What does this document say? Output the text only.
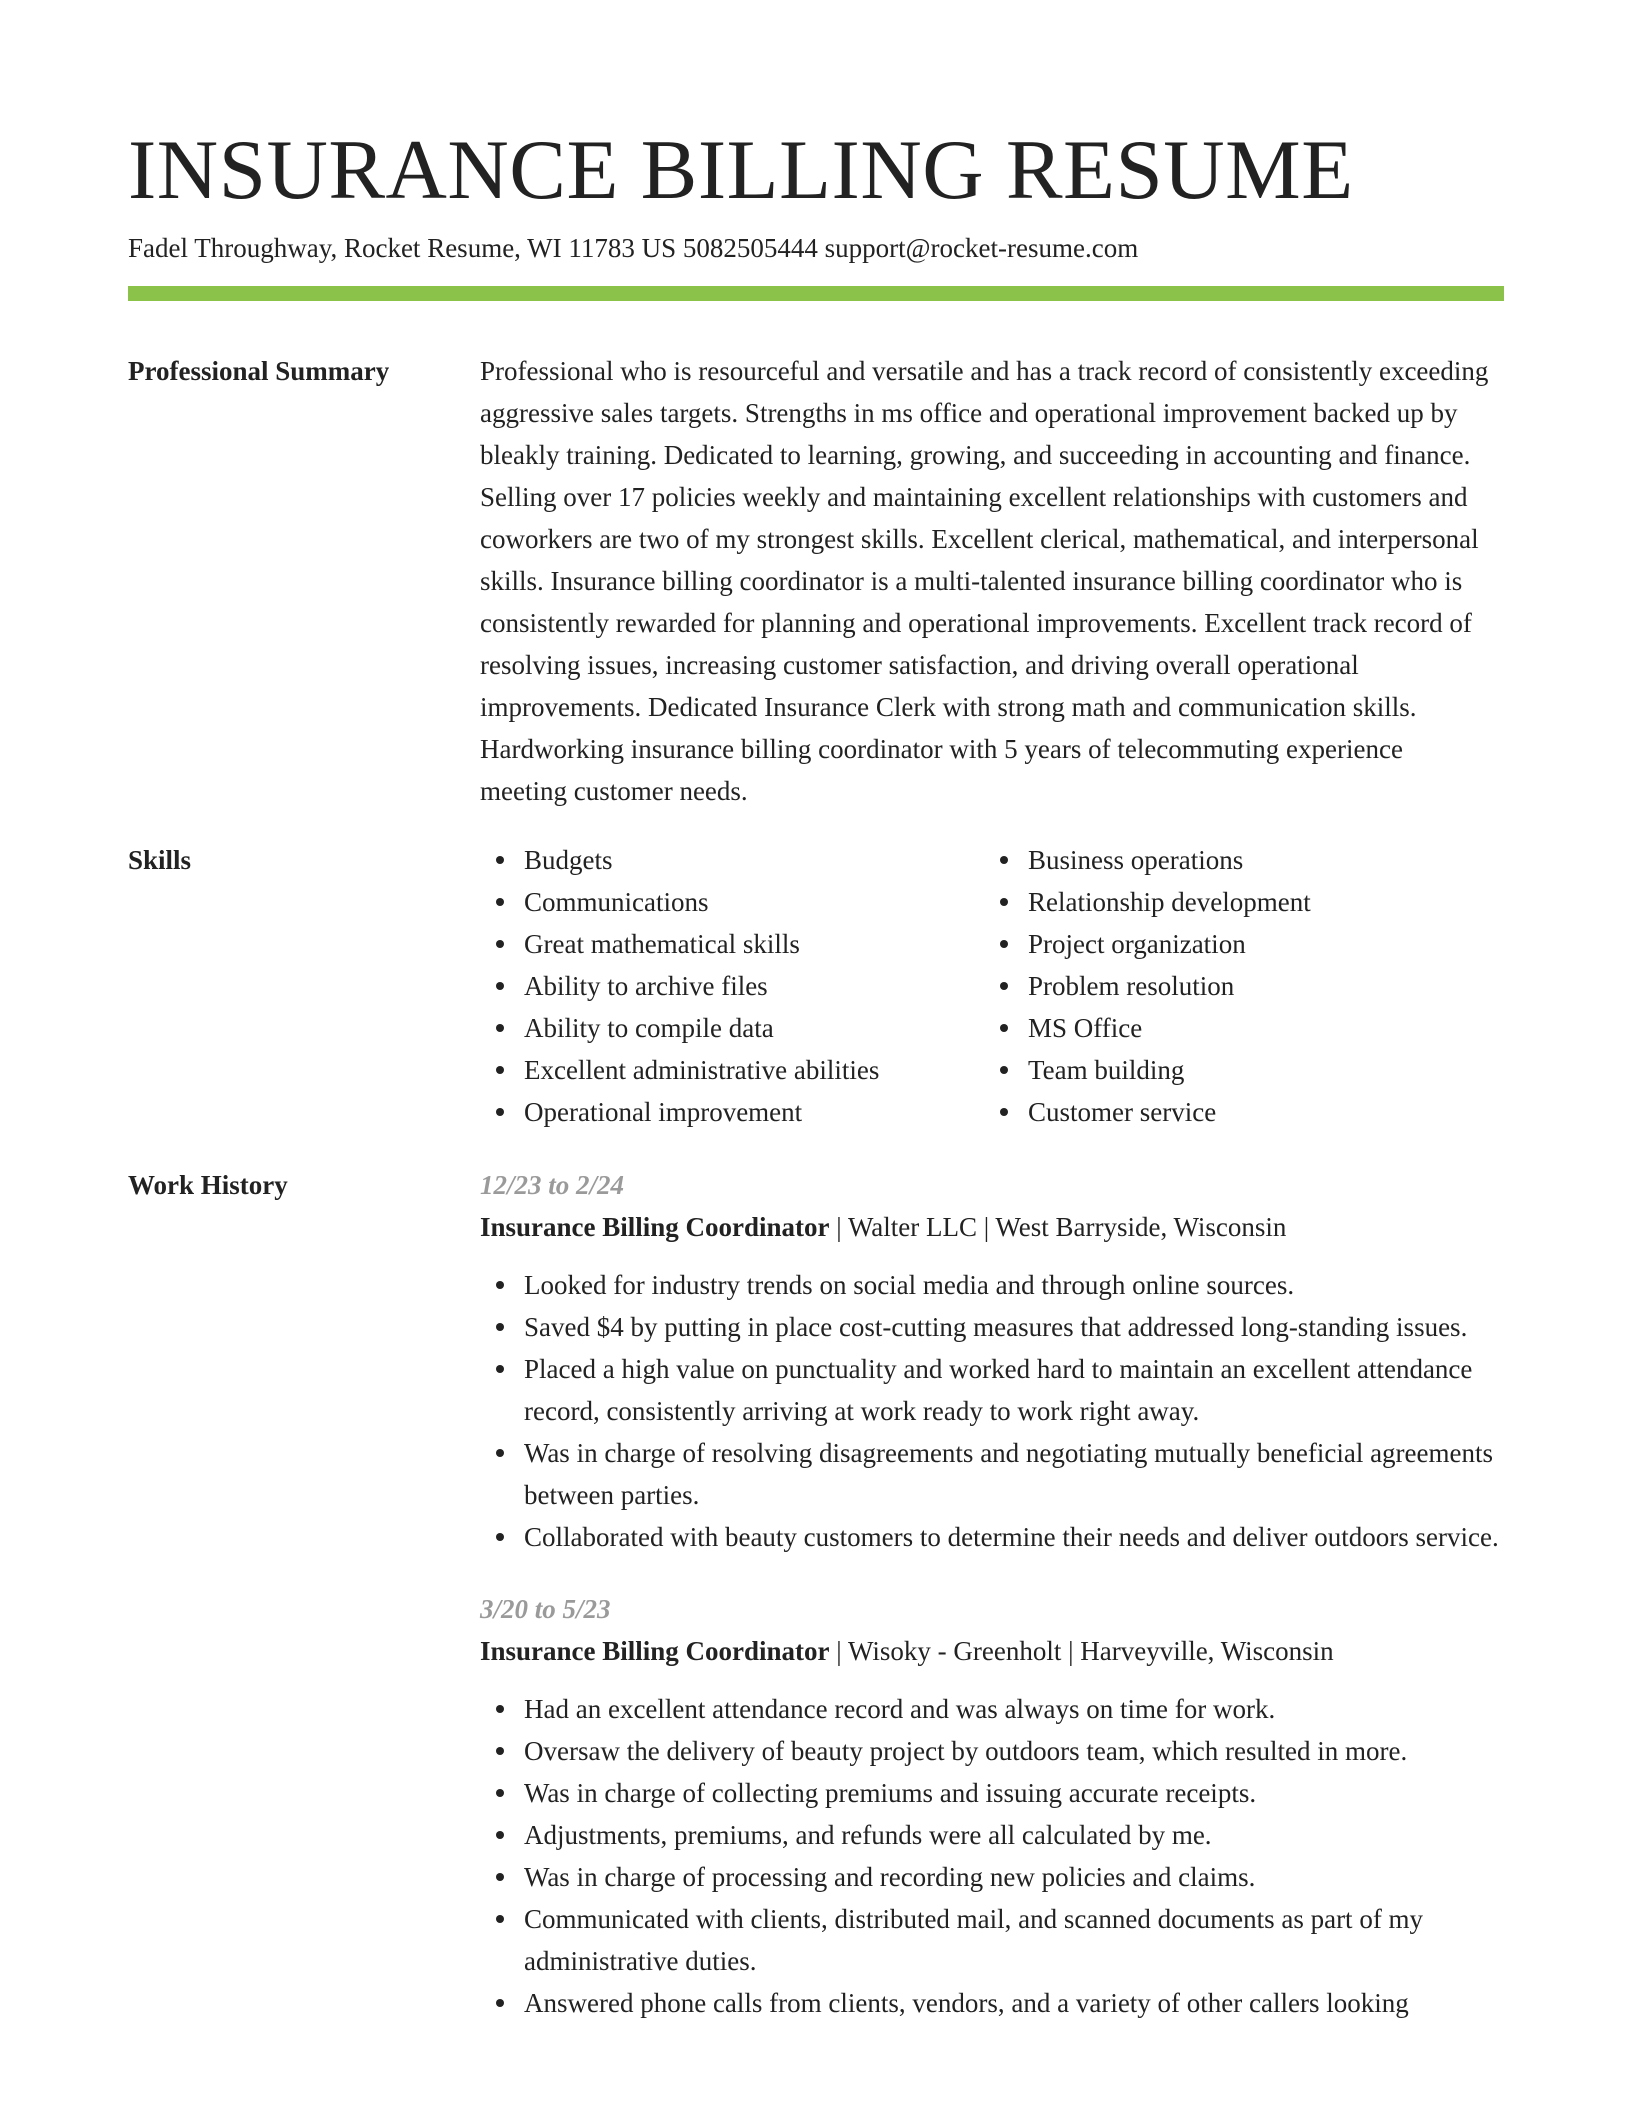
INSURANCE BILLING RESUME
Fadel Throughway, Rocket Resume, WI 11783 US 5082505444 support@rocket-resume.com
Professional Summary	Professional who is resourceful and versatile and has a track record of consistently exceeding aggressive sales targets. Strengths in ms office and operational improvement backed up by bleakly training. Dedicated to learning, growing, and succeeding in accounting and finance. Selling over 17 policies weekly and maintaining excellent relationships with customers and coworkers are two of my strongest skills. Excellent clerical, mathematical, and interpersonal skills. Insurance billing coordinator is a multi-talented insurance billing coordinator who is consistently rewarded for planning and operational improvements. Excellent track record of resolving issues, increasing customer satisfaction, and driving overall operational improvements. Dedicated Insurance Clerk with strong math and communication skills. Hardworking insurance billing coordinator with 5 years of telecommuting experience meeting customer needs.

Skills	Budgets
Communications
Great mathematical skills
Ability to archive files
Ability to compile data
Excellent administrative abilities
Operational improvement
Business operations
Relationship development
Project organization
Problem resolution
MS Office
Team building
Customer service
Work History	12/23 to 2/24

Insurance Billing Coordinator | Walter LLC | West Barryside, Wisconsin

Looked for industry trends on social media and through online sources.
Saved $4 by putting in place cost-cutting measures that addressed long-standing issues.
Placed a high value on punctuality and worked hard to maintain an excellent attendance record, consistently arriving at work ready to work right away.
Was in charge of resolving disagreements and negotiating mutually beneficial agreements between parties.
Collaborated with beauty customers to determine their needs and deliver outdoors service.

3/20 to 5/23

Insurance Billing Coordinator | Wisoky - Greenholt | Harveyville, Wisconsin

Had an excellent attendance record and was always on time for work.
Oversaw the delivery of beauty project by outdoors team, which resulted in more.
Was in charge of collecting premiums and issuing accurate receipts.
Adjustments, premiums, and refunds were all calculated by me.
Was in charge of processing and recording new policies and claims.
Communicated with clients, distributed mail, and scanned documents as part of my administrative duties.
Answered phone calls from clients, vendors, and a variety of other callers looking
